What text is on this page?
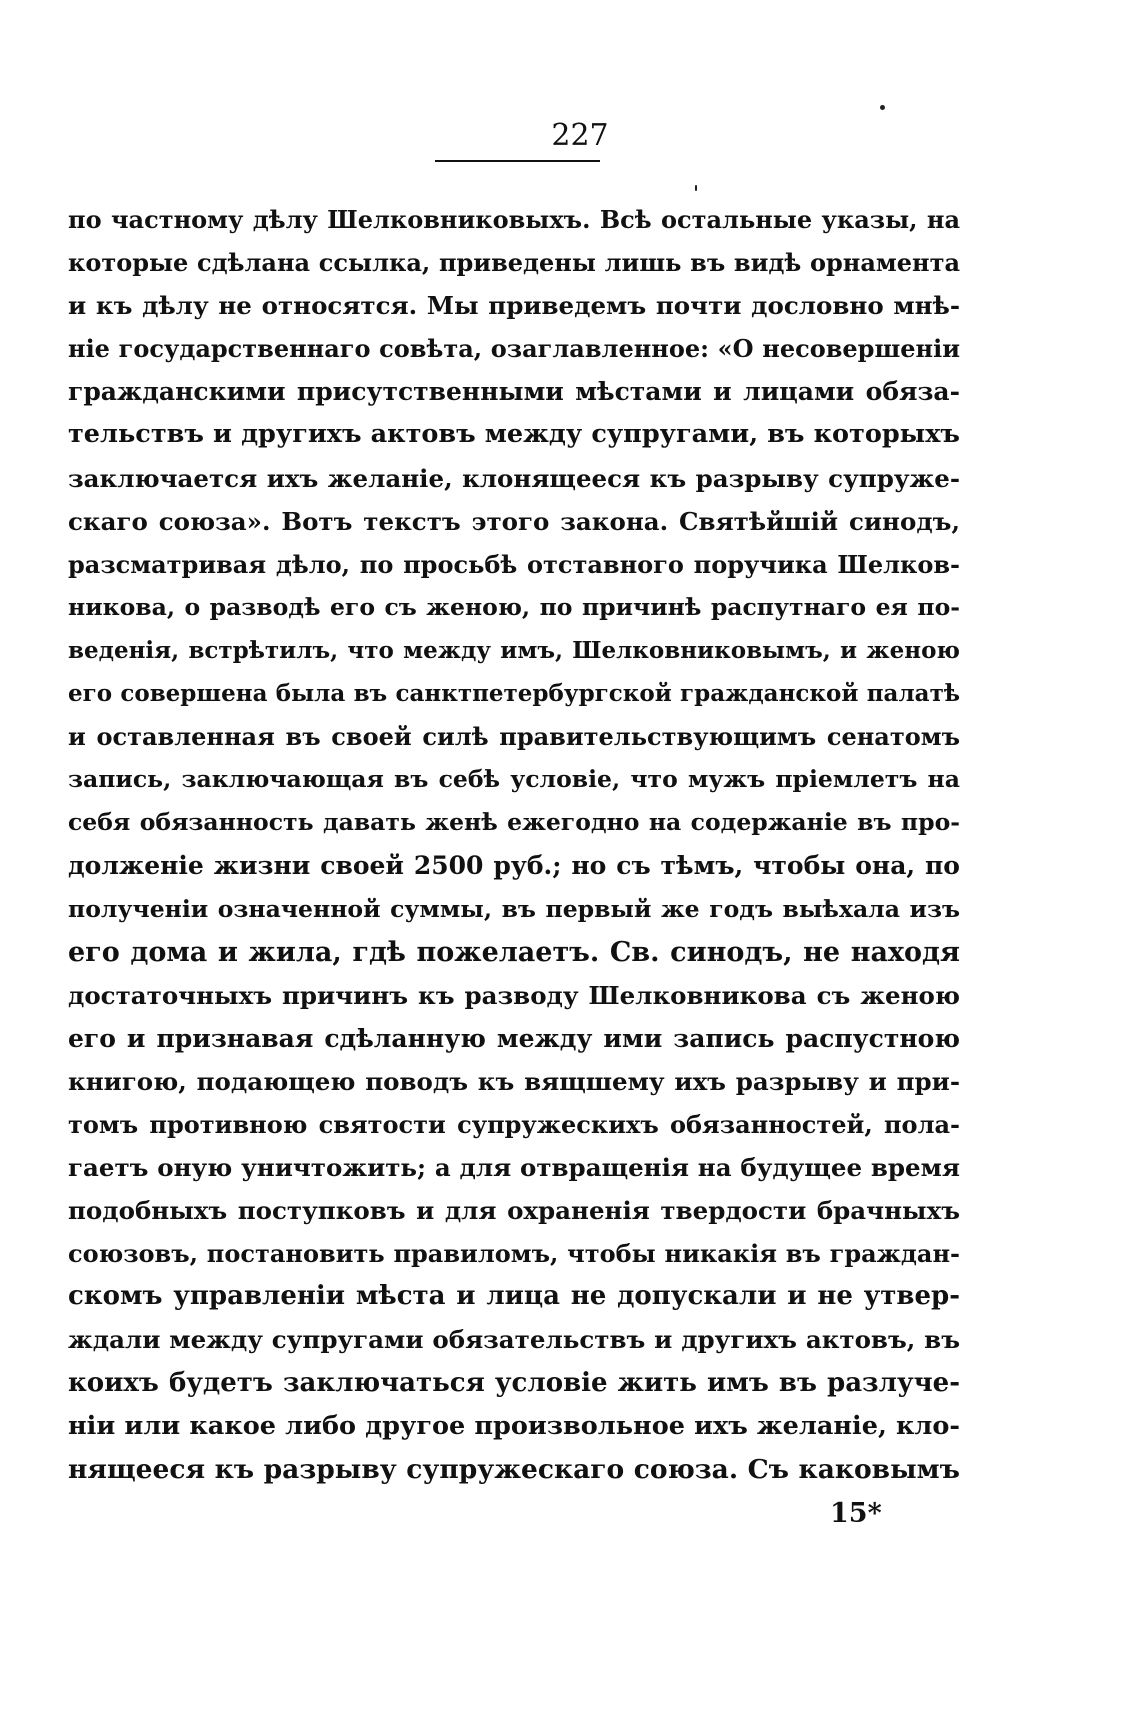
227
по частному дѣлу Шелковниковыхъ. Всѣ остальные указы, на
которые сдѣлана ссылка, приведены лишь въ видѣ орнамента
и къ дѣлу не относятся. Мы приведемъ почти дословно мнѣ-
ніе государственнаго совѣта, озаглавленное: «О несовершеніи
гражданскими присутственными мѣстами и лицами обяза-
тельствъ и другихъ актовъ между супругами, въ которыхъ
заключается ихъ желаніе, клонящееся къ разрыву супруже-
скаго союза». Вотъ текстъ этого закона. Святѣйшій синодъ,
разсматривая дѣло, по просьбѣ отставного поручика Шелков-
никова, о разводѣ его съ женою, по причинѣ распутнаго ея по-
веденія, встрѣтилъ, что между имъ, Шелковниковымъ, и женою
его совершена была въ санктпетербургской гражданской палатѣ
и оставленная въ своей силѣ правительствующимъ сенатомъ
запись, заключающая въ себѣ условіе, что мужъ пріемлетъ на
себя обязанность давать женѣ ежегодно на содержаніе въ про-
долженіе жизни своей 2500 руб.; но съ тѣмъ, чтобы она, по
полученіи означенной суммы, въ первый же годъ выѣхала изъ
его дома и жила, гдѣ пожелаетъ. Св. синодъ, не находя
достаточныхъ причинъ къ разводу Шелковникова съ женою
его и признавая сдѣланную между ими запись распустною
книгою, подающею поводъ къ вящшему ихъ разрыву и при-
томъ противною святости супружескихъ обязанностей, пола-
гаетъ оную уничтожить; а для отвращенія на будущее время
подобныхъ поступковъ и для охраненія твердости брачныхъ
союзовъ, постановить правиломъ, чтобы никакія въ граждан-
скомъ управленіи мѣста и лица не допускали и не утвер-
ждали между супругами обязательствъ и другихъ актовъ, въ
коихъ будетъ заключаться условіе жить имъ въ разлуче-
ніи или какое либо другое произвольное ихъ желаніе, кло-
нящееся къ разрыву супружескаго союза. Съ каковымъ
15*
